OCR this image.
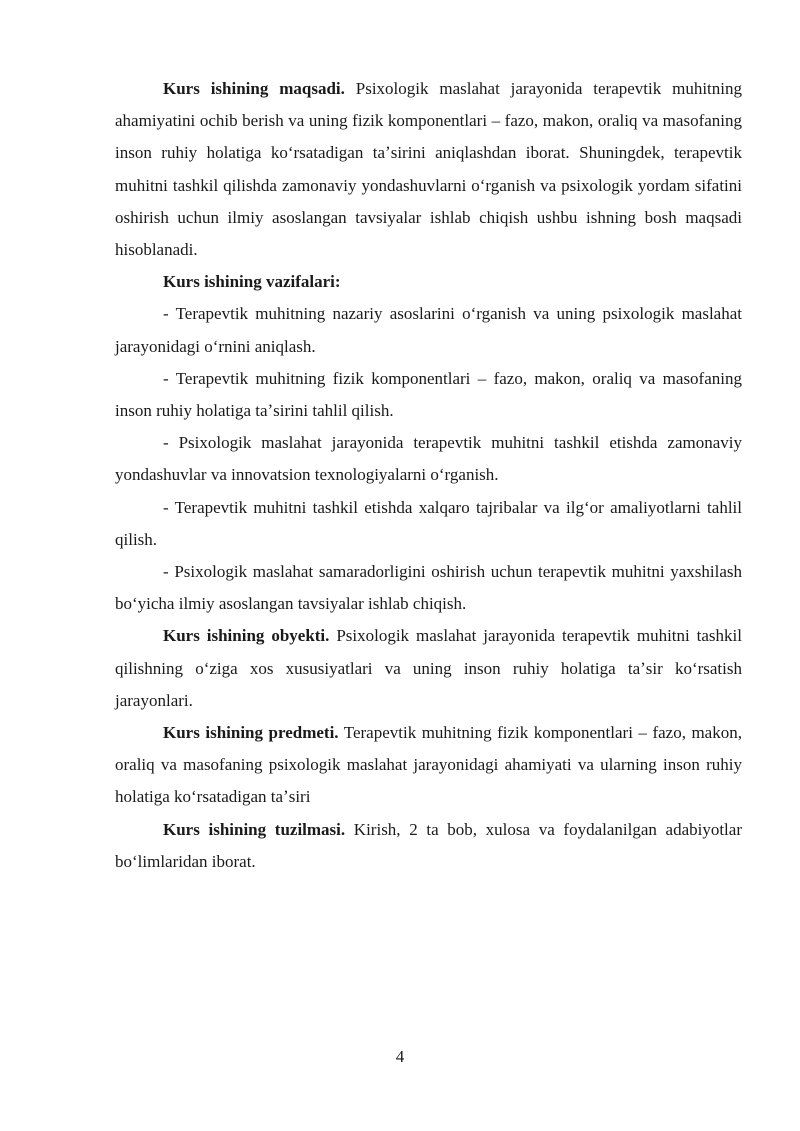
Kurs ishining maqsadi. Psixologik maslahat jarayonida terapevtik muhitning ahamiyatini ochib berish va uning fizik komponentlari – fazo, makon, oraliq va masofaning inson ruhiy holatiga koʻrsatadigan taʼsirini aniqlashdan iborat. Shuningdek, terapevtik muhitni tashkil qilishda zamonaviy yondashuvlarni oʻrganish va psixologik yordam sifatini oshirish uchun ilmiy asoslangan tavsiyalar ishlab chiqish ushbu ishning bosh maqsadi hisoblanadi.

Kurs ishining vazifalari:

- Terapevtik muhitning nazariy asoslarini oʻrganish va uning psixologik maslahat jarayonidagi oʻrnini aniqlash.

- Terapevtik muhitning fizik komponentlari – fazo, makon, oraliq va masofaning inson ruhiy holatiga taʼsirini tahlil qilish.

- Psixologik maslahat jarayonida terapevtik muhitni tashkil etishda zamonaviy yondashuvlar va innovatsion texnologiyalarni oʻrganish.

- Terapevtik muhitni tashkil etishda xalqaro tajribalar va ilgʻor amaliyotlarni tahlil qilish.

- Psixologik maslahat samaradorligini oshirish uchun terapevtik muhitni yaxshilash boʻyicha ilmiy asoslangan tavsiyalar ishlab chiqish.

Kurs ishining obyekti. Psixologik maslahat jarayonida terapevtik muhitni tashkil qilishning oʻziga xos xususiyatlari va uning inson ruhiy holatiga taʼsir koʻrsatish jarayonlari.

Kurs ishining predmeti. Terapevtik muhitning fizik komponentlari – fazo, makon, oraliq va masofaning psixologik maslahat jarayonidagi ahamiyati va ularning inson ruhiy holatiga koʻrsatadigan taʼsiri

Kurs ishining tuzilmasi. Kirish, 2 ta bob, xulosa va foydalanilgan adabiyotlar boʻlimlaridan iborat.

4
